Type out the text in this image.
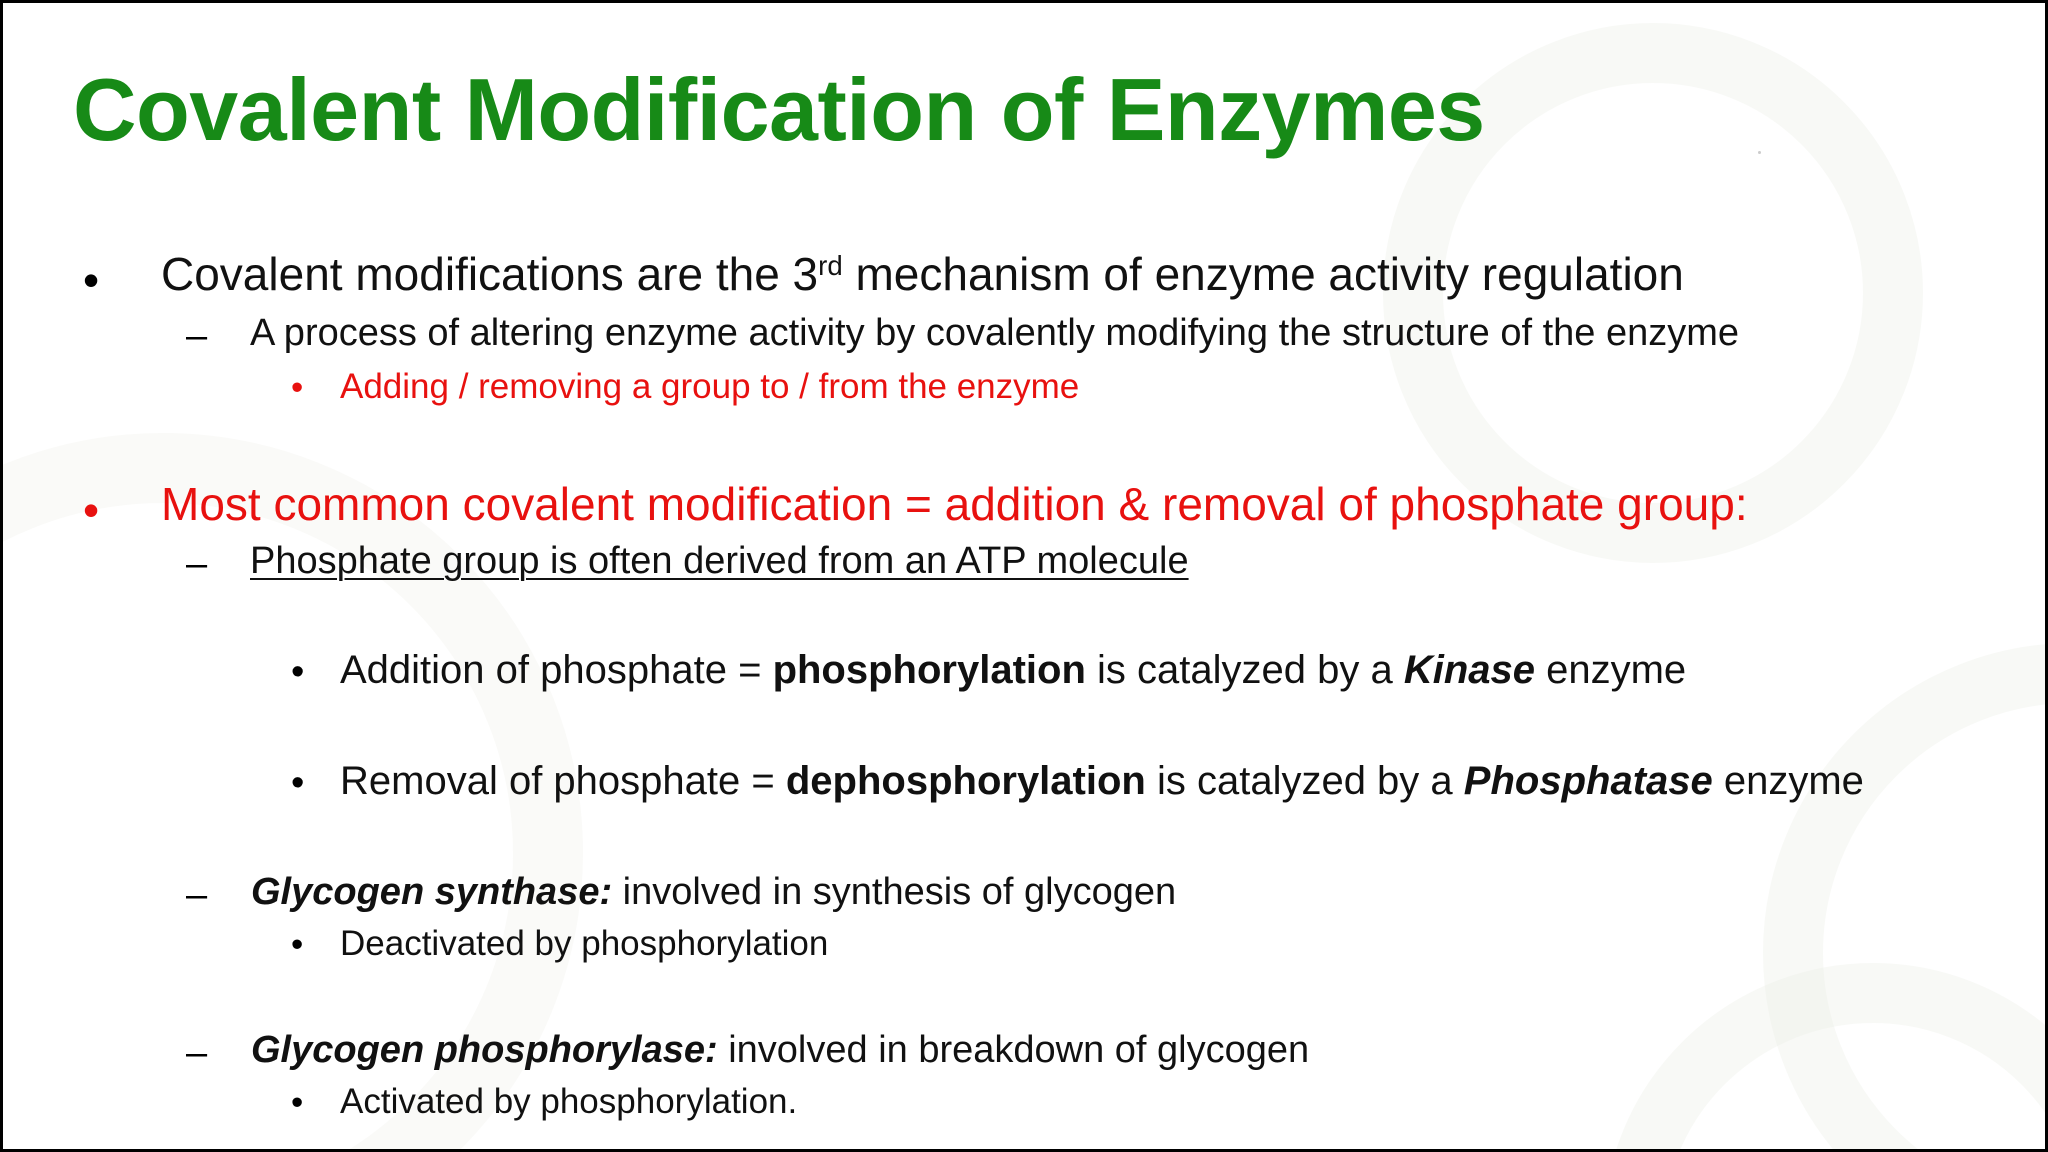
Covalent Modification of Enzymes
• Covalent modifications are the 3rd mechanism of enzyme activity regulation
– A process of altering enzyme activity by covalently modifying the structure of the enzyme
• Adding / removing a group to / from the enzyme
• Most common covalent modification = addition & removal of phosphate group:
– Phosphate group is often derived from an ATP molecule
• Addition of phosphate = phosphorylation is catalyzed by a Kinase enzyme
• Removal of phosphate = dephosphorylation is catalyzed by a Phosphatase enzyme
– Glycogen synthase: involved in synthesis of glycogen
• Deactivated by phosphorylation
– Glycogen phosphorylase: involved in breakdown of glycogen
• Activated by phosphorylation.
